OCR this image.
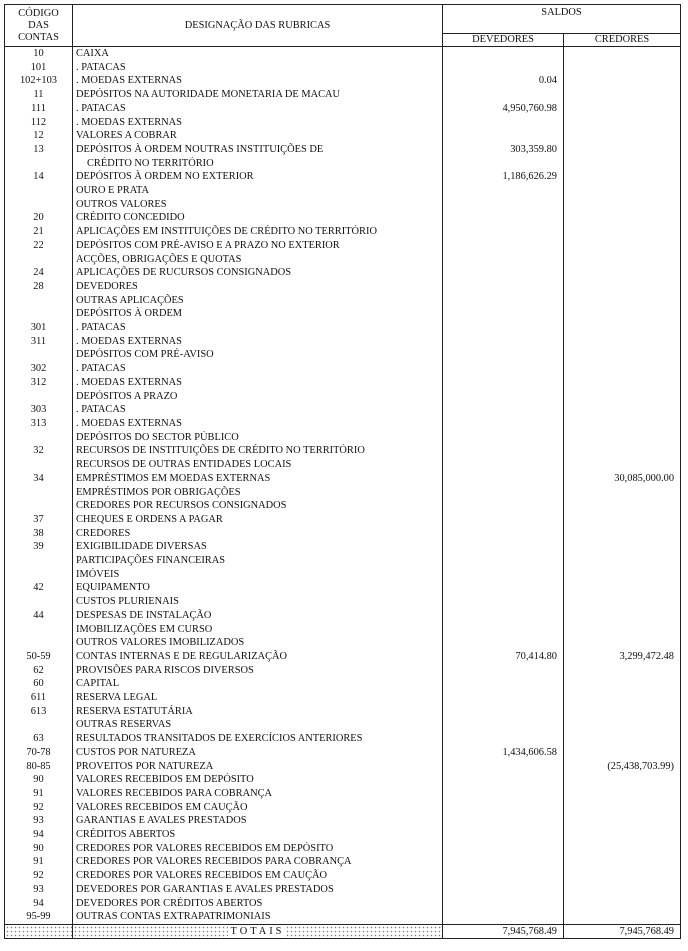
CÓDIGO DAS CONTAS	DESIGNAÇÃO DAS RUBRICAS	SALDOS	
		DEVEDORES	CREDORES
10	CAIXA		
101	. PATACAS		
102+103	. MOEDAS EXTERNAS	0.04	
11	DEPÓSITOS NA AUTORIDADE MONETARIA DE MACAU		
111	. PATACAS	4,950,760.98	
112	. MOEDAS EXTERNAS		
12	VALORES A COBRAR		
13	DEPÓSITOS À ORDEM NOUTRAS INSTITUIÇÕES DE	303,359.80	
	CRÉDITO NO TERRITÓRIO		
14	DEPÓSITOS À ORDEM NO EXTERIOR	1,186,626.29	
	OURO E PRATA		
	OUTROS VALORES		
20	CRÉDITO CONCEDIDO		
21	APLICAÇÕES EM INSTITUIÇÕES DE CRÉDITO NO TERRITÓRIO		
22	DEPÓSITOS COM PRÉ-AVISO E A PRAZO NO EXTERIOR		
	ACÇÕES, OBRIGAÇÕES E QUOTAS		
24	APLICAÇÕES DE RUCURSOS CONSIGNADOS		
28	DEVEDORES		
	OUTRAS APLICAÇÕES		
	DEPÓSITOS À ORDEM		
301	. PATACAS		
311	. MOEDAS EXTERNAS		
	DEPÓSITOS COM PRÉ-AVISO		
302	. PATACAS		
312	. MOEDAS EXTERNAS		
	DEPÓSITOS A PRAZO		
303	. PATACAS		
313	. MOEDAS EXTERNAS		
	DEPÓSITOS DO SECTOR PÚBLICO		
32	RECURSOS DE INSTITUIÇÕES DE CRÉDITO NO TERRITÓRIO		
	RECURSOS DE OUTRAS ENTIDADES LOCAIS		
34	EMPRÉSTIMOS EM MOEDAS EXTERNAS		30,085,000.00
	EMPRÉSTIMOS POR OBRIGAÇÕES		
	CREDORES POR RECURSOS CONSIGNADOS		
37	CHEQUES E ORDENS A PAGAR		
38	CREDORES		
39	EXIGIBILIDADE DIVERSAS		
	PARTICIPAÇÕES FINANCEIRAS		
	IMÓVEIS		
42	EQUIPAMENTO		
	CUSTOS PLURIENAIS		
44	DESPESAS DE INSTALAÇÃO		
	IMOBILIZAÇÕES EM CURSO		
	OUTROS VALORES IMOBILIZADOS		
50-59	CONTAS INTERNAS E DE REGULARIZAÇÃO	70,414.80	3,299,472.48
62	PROVISÕES PARA RISCOS DIVERSOS		
60	CAPITAL		
611	RESERVA LEGAL		
613	RESERVA ESTATUTÁRIA		
	OUTRAS RESERVAS		
63	RESULTADOS TRANSITADOS DE EXERCÍCIOS ANTERIORES		
70-78	CUSTOS POR NATUREZA	1,434,606.58	
80-85	PROVEITOS POR NATUREZA		(25,438,703.99)
90	VALORES RECEBIDOS EM DEPÓSITO		
91	VALORES RECEBIDOS PARA COBRANÇA		
92	VALORES RECEBIDOS EM CAUÇÃO		
93	GARANTIAS E AVALES PRESTADOS		
94	CRÉDITOS ABERTOS		
90	CREDORES POR VALORES RECEBIDOS EM DEPÓSITO		
91	CREDORES POR VALORES RECEBIDOS PARA COBRANÇA		
92	CREDORES POR VALORES RECEBIDOS EM CAUÇÃO		
93	DEVEDORES POR GARANTIAS E AVALES PRESTADOS		
94	DEVEDORES POR CRÉDITOS ABERTOS		
95-99	OUTRAS CONTAS EXTRAPATRIMONIAIS		
	TOTAIS	7,945,768.49	7,945,768.49
